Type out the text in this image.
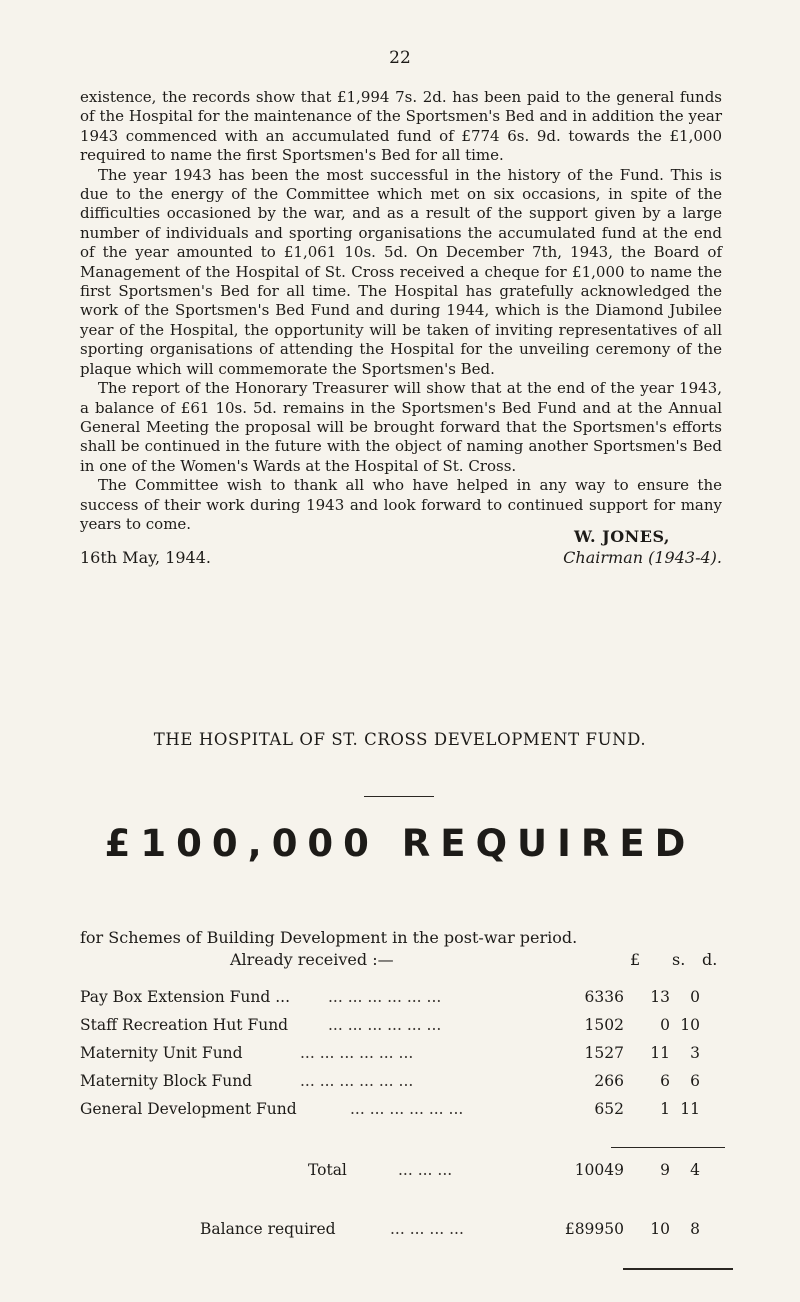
22

existence, the records show that £1,994 7s. 2d. has been paid to the general funds of the Hospital for the maintenance of the Sportsmen's Bed and in addition the year 1943 commenced with an accumulated fund of £774 6s. 9d. towards the £1,000 required to name the first Sportsmen's Bed for all time.

The year 1943 has been the most successful in the history of the Fund. This is due to the energy of the Committee which met on six occasions, in spite of the difficulties occasioned by the war, and as a result of the support given by a large number of individuals and sporting organisations the accumulated fund at the end of the year amounted to £1,061 10s. 5d. On December 7th, 1943, the Board of Management of the Hospital of St. Cross received a cheque for £1,000 to name the first Sportsmen's Bed for all time. The Hospital has gratefully acknowledged the work of the Sportsmen's Bed Fund and during 1944, which is the Diamond Jubilee year of the Hospital, the opportunity will be taken of inviting representatives of all sporting organisations of attending the Hospital for the unveiling ceremony of the plaque which will commemorate the Sportsmen's Bed.

The report of the Honorary Treasurer will show that at the end of the year 1943, a balance of £61 10s. 5d. remains in the Sportsmen's Bed Fund and at the Annual General Meeting the proposal will be brought forward that the Sportsmen's efforts shall be continued in the future with the object of naming another Sportsmen's Bed in one of the Women's Wards at the Hospital of St. Cross.

The Committee wish to thank all who have helped in any way to ensure the success of their work during 1943 and look forward to continued support for many years to come.

W. JONES,
16th May, 1944.	Chairman (1943-4).
THE HOSPITAL OF ST. CROSS DEVELOPMENT FUND.
£100,000 REQUIRED
for Schemes of Building Development in the post-war period.
Already received :—	£ s. d.
Pay Box Extension Fund ... ... ... ... ... ... ...	6336	13	0
Staff Recreation Hut Fund	... ... ... ... ... ...	1502	0 10
Maternity Unit Fund	... ... ... ... ... ...	1527	11	3
Maternity Block Fund	... ... ... ... ... ...	266	6	6
General Development Fund	... ... ... ... ... ...	652	1 11
Total	... ... ...	10049	9	4
Balance required	... ... ... ...	£89950	10	8
